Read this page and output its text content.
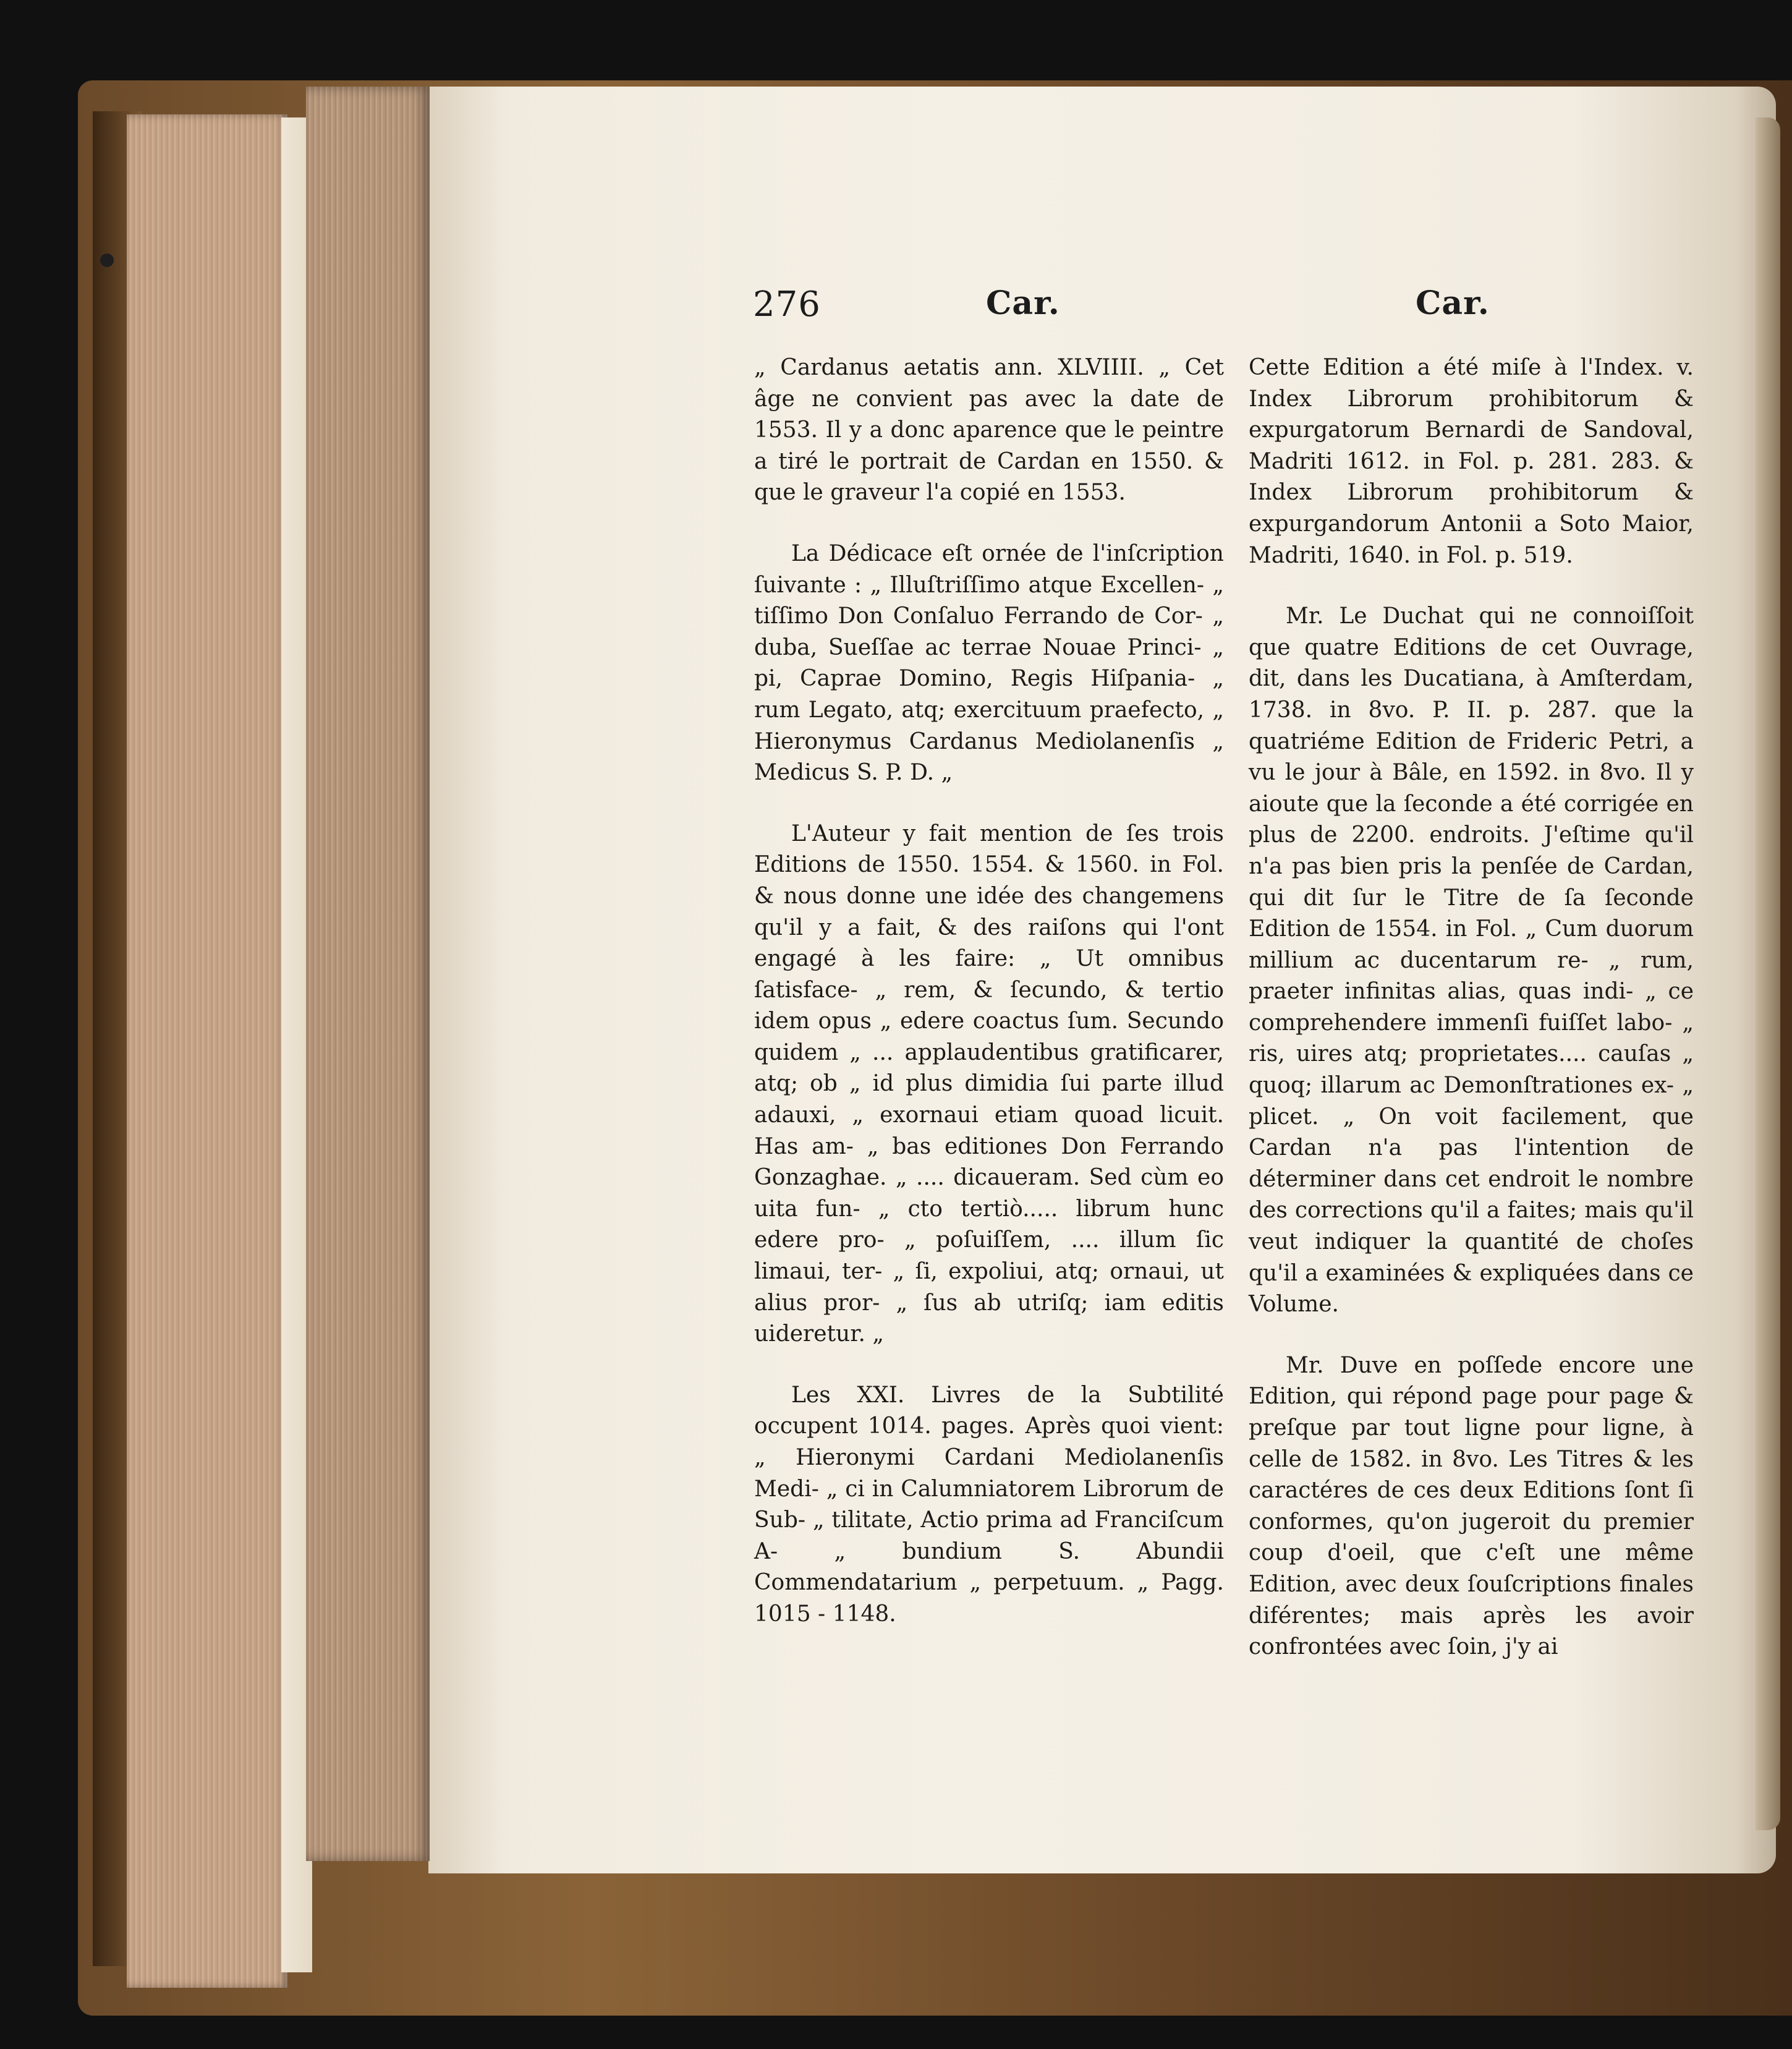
276	Car.	Car.

„ Cardanus aetatis ann. XLVIIII. „ Cet âge ne convient pas avec la date de 1553. Il y a donc aparence que le peintre a tiré le portrait de Cardan en 1550. & que le graveur l'a copié en 1553.

La Dédicace eſt ornée de l'inſcription ſuivante : „ Illuſtriſſimo atque Excellen- „ tiſſimo Don Conſaluo Ferrando de Cor- „ duba, Sueſſae ac terrae Nouae Princi- „ pi, Caprae Domino, Regis Hiſpania- „ rum Legato, atq; exercituum praefecto, „ Hieronymus Cardanus Mediolanenſis „ Medicus S. P. D. „

L'Auteur y fait mention de ſes trois Editions de 1550. 1554. & 1560. in Fol. & nous donne une idée des changemens qu'il y a fait, & des raiſons qui l'ont engagé à les faire: „ Ut omnibus ſatisface- „ rem, & ſecundo, & tertio idem opus „ edere coactus ſum. Secundo quidem „ ... applaudentibus gratificarer, atq; ob „ id plus dimidia ſui parte illud adauxi, „ exornaui etiam quoad licuit. Has am- „ bas editiones Don Ferrando Gonzaghae. „ .... dicaueram. Sed cùm eo uita fun- „ cto tertiò..... librum hunc edere pro- „ poſuiſſem, .... illum ſic limaui, ter- „ ſi, expoliui, atq; ornaui, ut alius pror- „ ſus ab utriſq; iam editis uideretur. „

Les XXI. Livres de la Subtilité occupent 1014. pages. Après quoi vient: „ Hieronymi Cardani Mediolanenſis Medi- „ ci in Calumniatorem Librorum de Sub- „ tilitate, Actio prima ad Franciſcum A- „ bundium S. Abundii Commendatarium „ perpetuum. „ Pagg. 1015 - 1148.

Cette Edition a été miſe à l'Index. v. Index Librorum prohibitorum & expurgatorum Bernardi de Sandoval, Madriti 1612. in Fol. p. 281. 283. & Index Librorum prohibitorum & expurgandorum Antonii a Soto Maior, Madriti, 1640. in Fol. p. 519.

Mr. Le Duchat qui ne connoiſſoit que quatre Editions de cet Ouvrage, dit, dans les Ducatiana, à Amſterdam, 1738. in 8vo. P. II. p. 287. que la quatriéme Edition de Frideric Petri, a vu le jour à Bâle, en 1592. in 8vo. Il y aioute que la ſeconde a été corrigée en plus de 2200. endroits. J'eſtime qu'il n'a pas bien pris la penſée de Cardan, qui dit ſur le Titre de ſa ſeconde Edition de 1554. in Fol. „ Cum duorum millium ac ducentarum re- „ rum, praeter infinitas alias, quas indi- „ ce comprehendere immenſi fuiſſet labo- „ ris, uires atq; proprietates.... cauſas „ quoq; illarum ac Demonſtrationes ex- „ plicet. „ On voit facilement, que Cardan n'a pas l'intention de déterminer dans cet endroit le nombre des corrections qu'il a faites; mais qu'il veut indiquer la quantité de choſes qu'il a examinées & expliquées dans ce Volume.

Mr. Duve en poſſede encore une Edition, qui répond page pour page & preſque par tout ligne pour ligne, à celle de 1582. in 8vo. Les Titres & les caractéres de ces deux Editions ſont ſi conformes, qu'on jugeroit du premier coup d'oeil, que c'eſt une même Edition, avec deux ſouſcriptions finales diférentes; mais après les avoir confrontées avec ſoin, j'y ai
